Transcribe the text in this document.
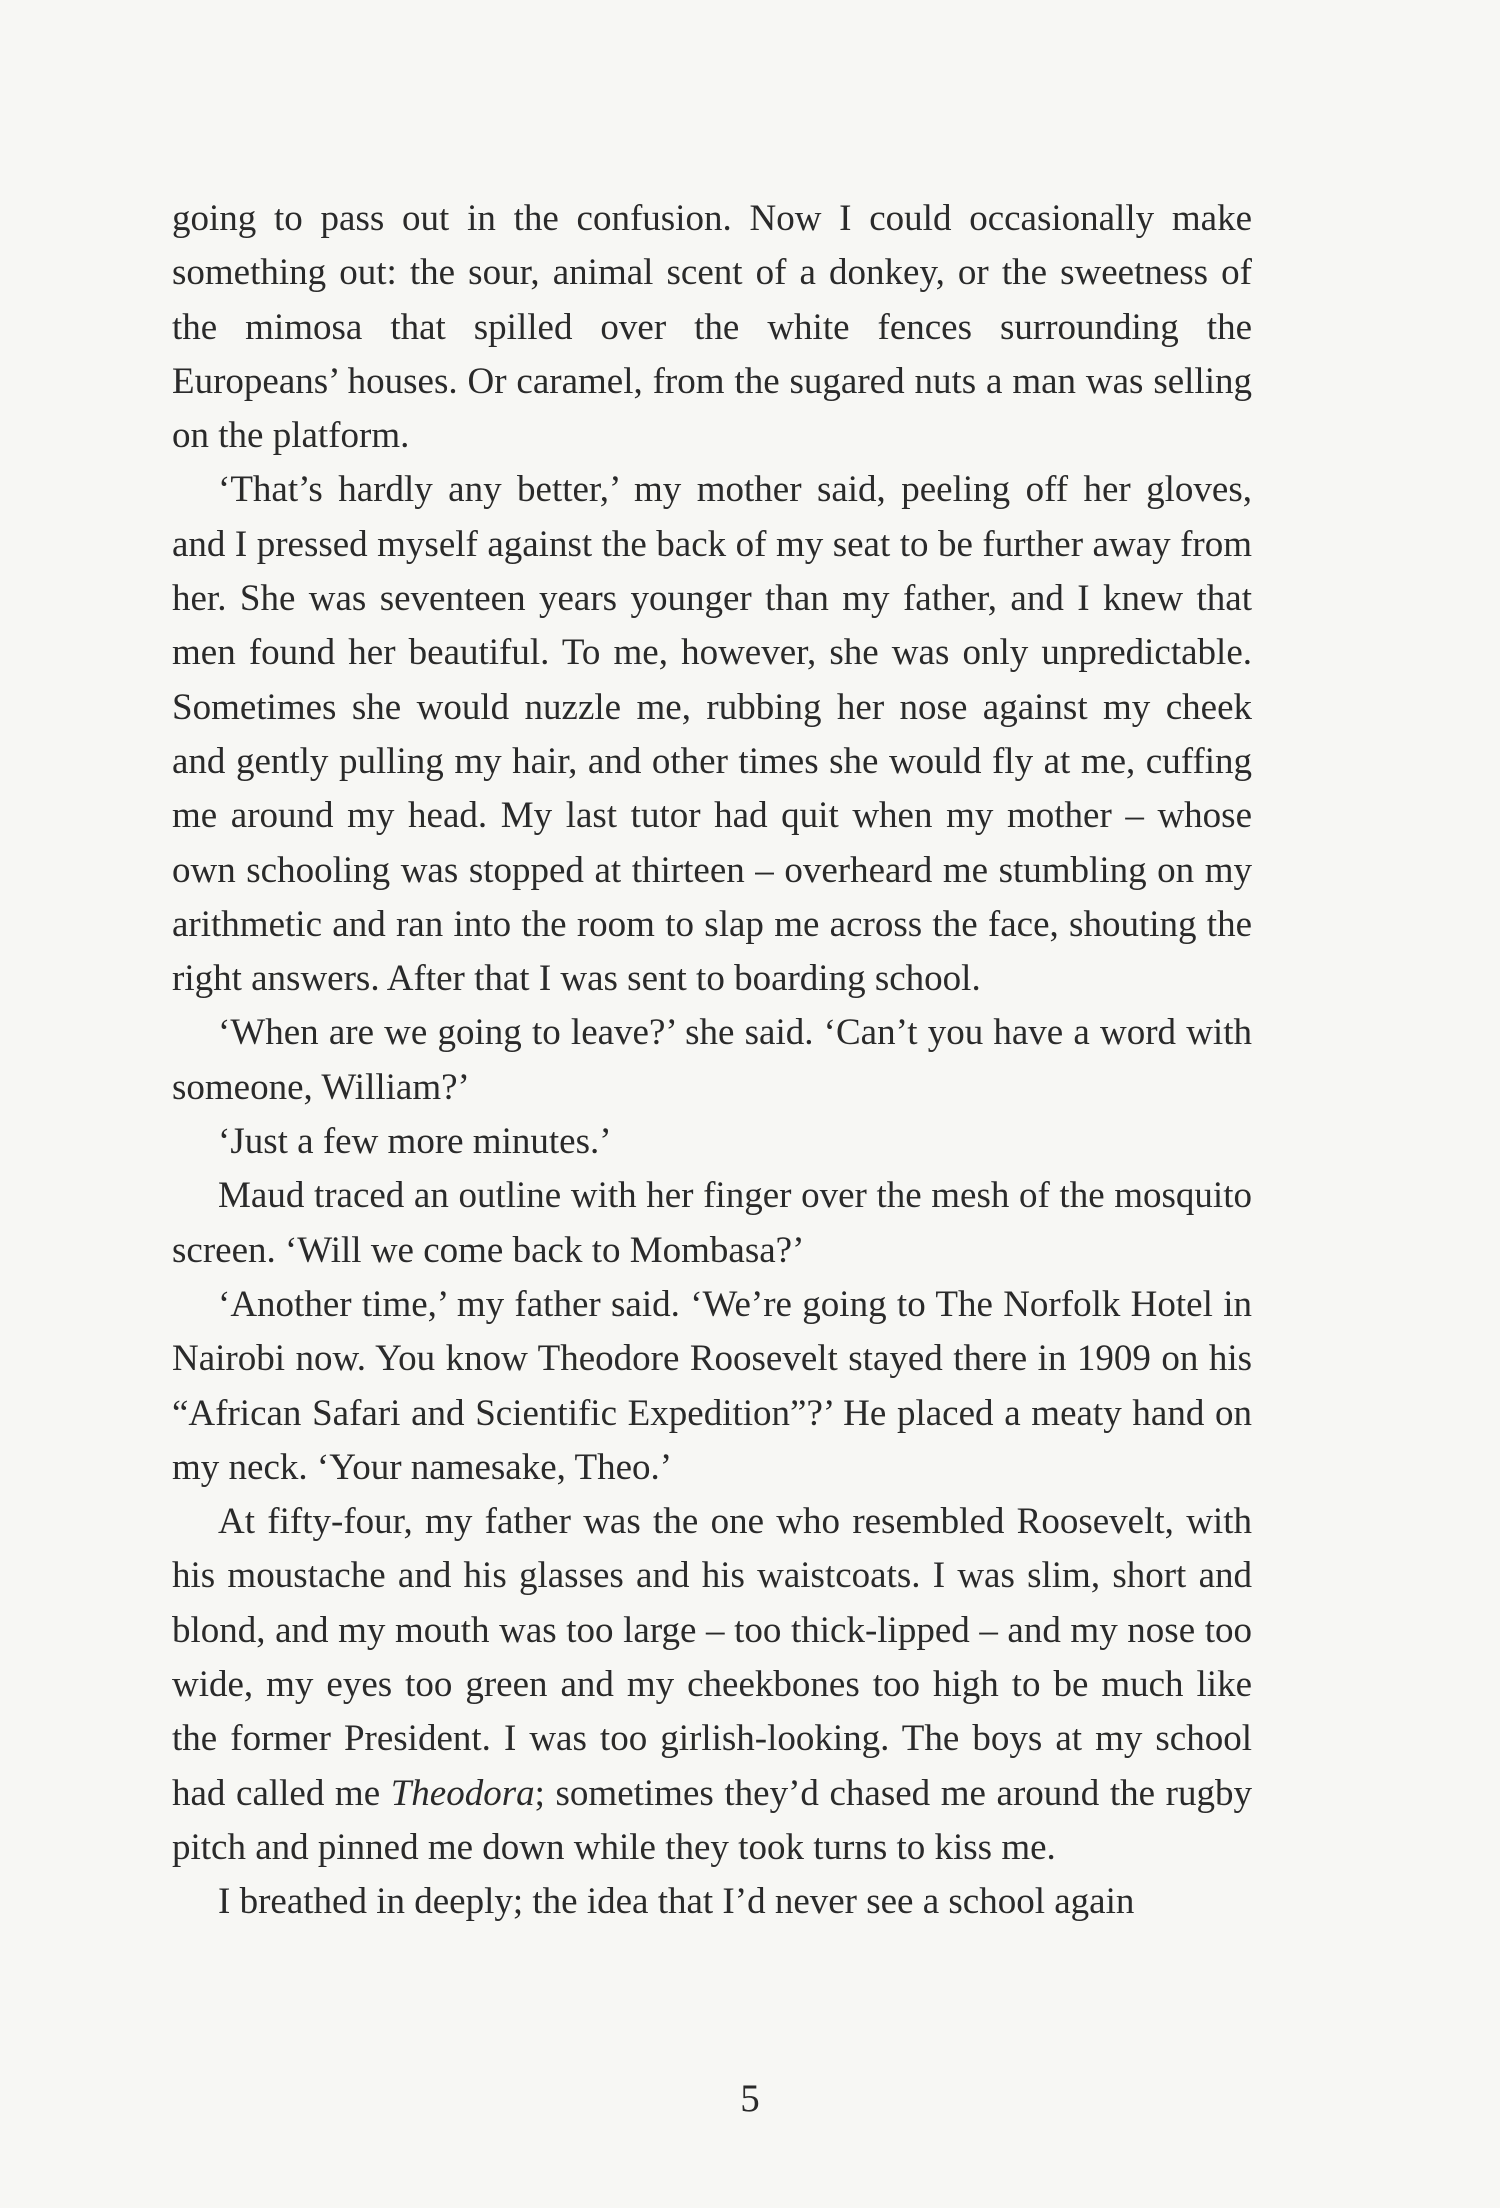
going to pass out in the confusion. Now I could occasionally make something out: the sour, animal scent of a donkey, or the sweetness of the mimosa that spilled over the white fences surrounding the Europeans’ houses. Or caramel, from the sugared nuts a man was selling on the platform.

‘That’s hardly any better,’ my mother said, peeling off her gloves, and I pressed myself against the back of my seat to be further away from her. She was seventeen years younger than my father, and I knew that men found her beautiful. To me, however, she was only unpredictable. Sometimes she would nuzzle me, rubbing her nose against my cheek and gently pulling my hair, and other times she would fly at me, cuffing me around my head. My last tutor had quit when my mother – whose own schooling was stopped at thirteen – overheard me stumbling on my arithmetic and ran into the room to slap me across the face, shouting the right answers. After that I was sent to boarding school.

‘When are we going to leave?’ she said. ‘Can’t you have a word with someone, William?’

‘Just a few more minutes.’

Maud traced an outline with her finger over the mesh of the mosquito screen. ‘Will we come back to Mombasa?’

‘Another time,’ my father said. ‘We’re going to The Norfolk Hotel in Nairobi now. You know Theodore Roosevelt stayed there in 1909 on his “African Safari and Scientific Expedition”?’ He placed a meaty hand on my neck. ‘Your namesake, Theo.’

At fifty-four, my father was the one who resembled Roosevelt, with his moustache and his glasses and his waistcoats. I was slim, short and blond, and my mouth was too large – too thick-lipped – and my nose too wide, my eyes too green and my cheekbones too high to be much like the former President. I was too girlish-looking. The boys at my school had called me Theodora; sometimes they’d chased me around the rugby pitch and pinned me down while they took turns to kiss me.

I breathed in deeply; the idea that I’d never see a school again

5
